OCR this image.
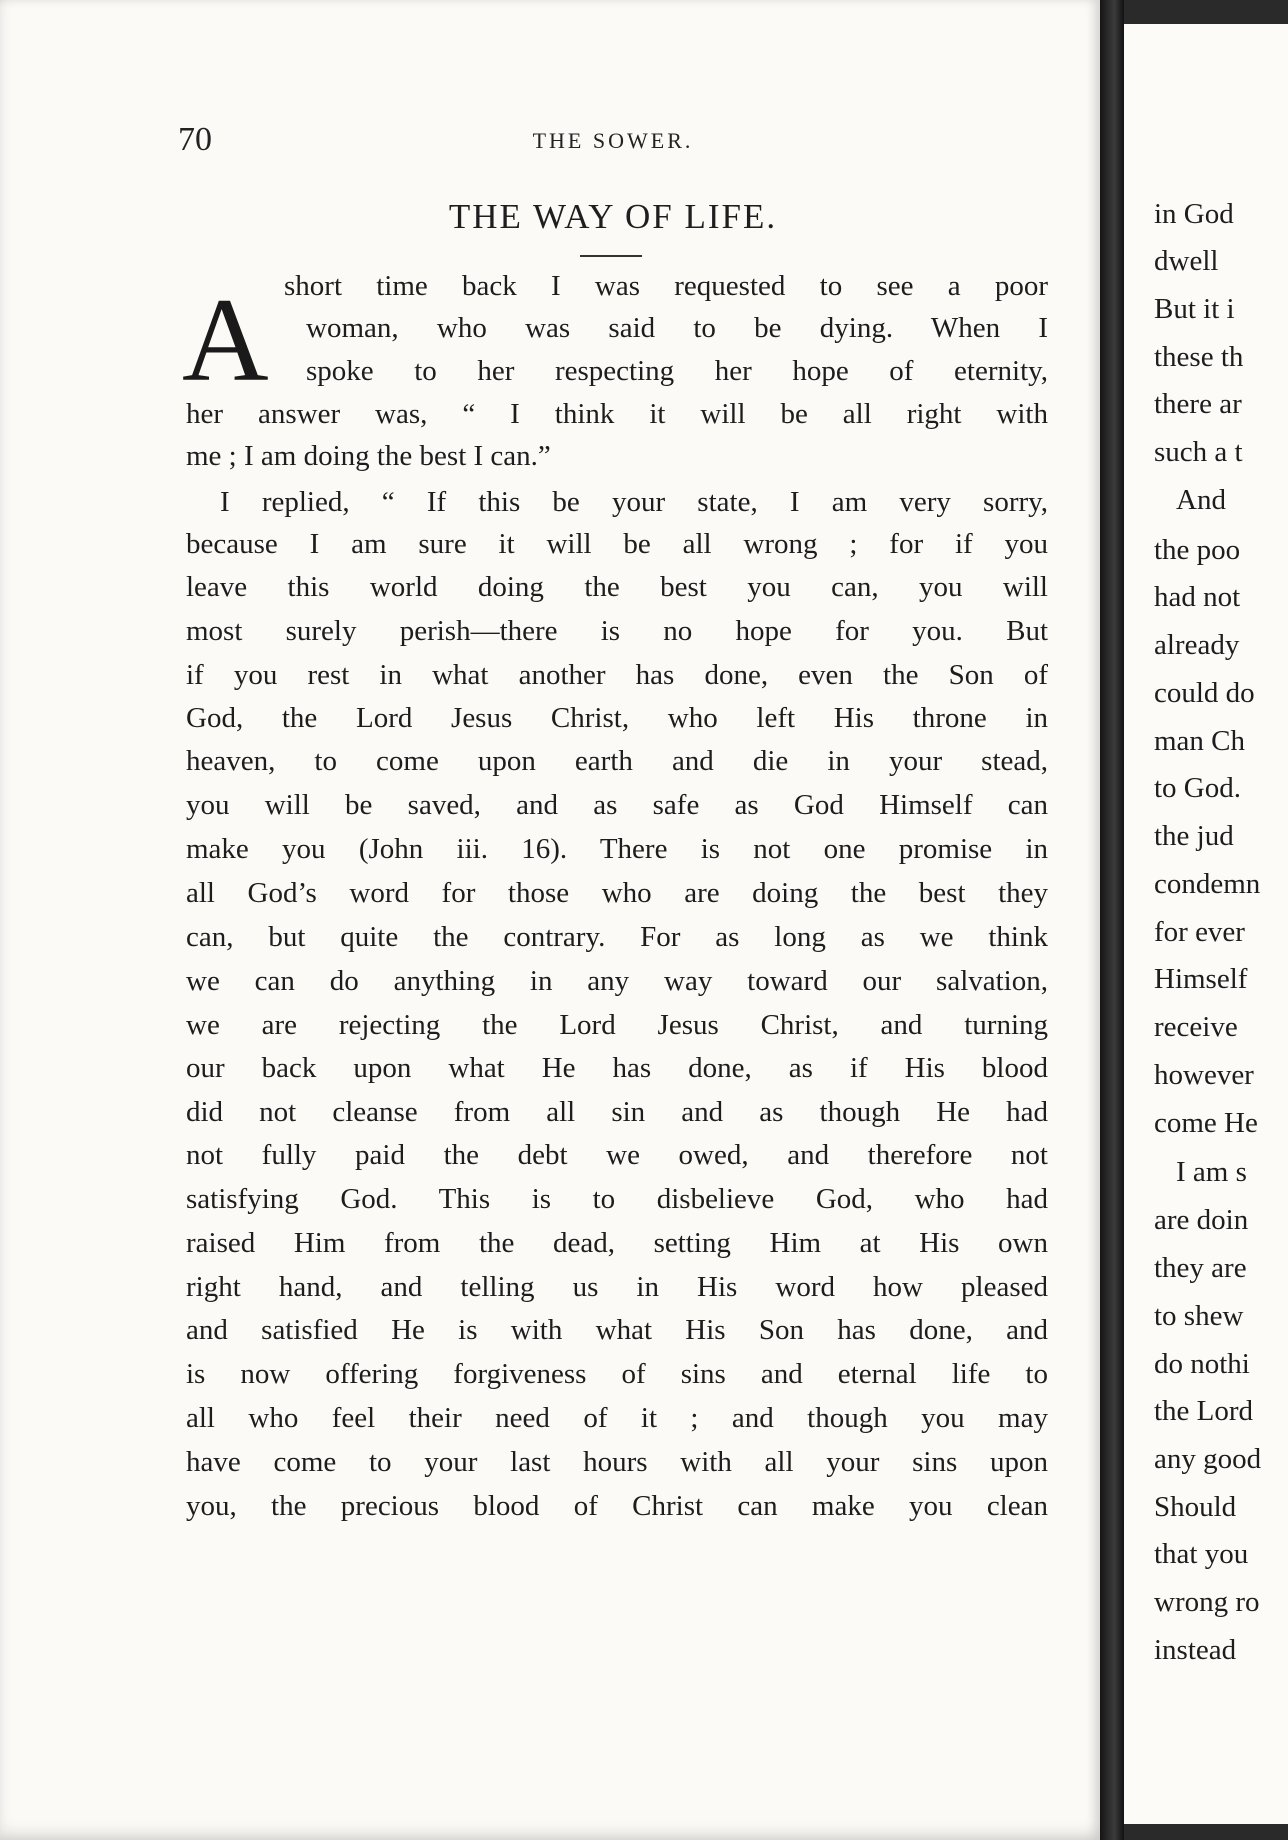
70	THE SOWER.
THE WAY OF LIFE.
A short time back I was requested to see a poor
woman, who was said to be dying. When I
spoke to her respecting her hope of eternity,
her answer was, “ I think it will be all right with
me ; I am doing the best I can.”
I replied, “ If this be your state, I am very sorry,
because I am sure it will be all wrong ; for if you
leave this world doing the best you can, you will
most surely perish—there is no hope for you. But
if you rest in what another has done, even the Son of
God, the Lord Jesus Christ, who left His throne in
heaven, to come upon earth and die in your stead,
you will be saved, and as safe as God Himself can
make you (John iii. 16). There is not one promise in
all God’s word for those who are doing the best they
can, but quite the contrary. For as long as we think
we can do anything in any way toward our salvation,
we are rejecting the Lord Jesus Christ, and turning
our back upon what He has done, as if His blood
did not cleanse from all sin and as though He had
not fully paid the debt we owed, and therefore not
satisfying God. This is to disbelieve God, who had
raised Him from the dead, setting Him at His own
right hand, and telling us in His word how pleased
and satisfied He is with what His Son has done, and
is now offering forgiveness of sins and eternal life to
all who feel their need of it ; and though you may
have come to your last hours with all your sins upon
you, the precious blood of Christ can make you clean
in God
dwell
But it i
these th
there ar
such a t
And
the poo
had not
already
could do
man Ch
to God.
the jud
condemn
for ever
Himself
receive
however
come He
I am s
are doin
they are
to shew
do nothi
the Lord
any good
Should
that you
wrong ro
instead
